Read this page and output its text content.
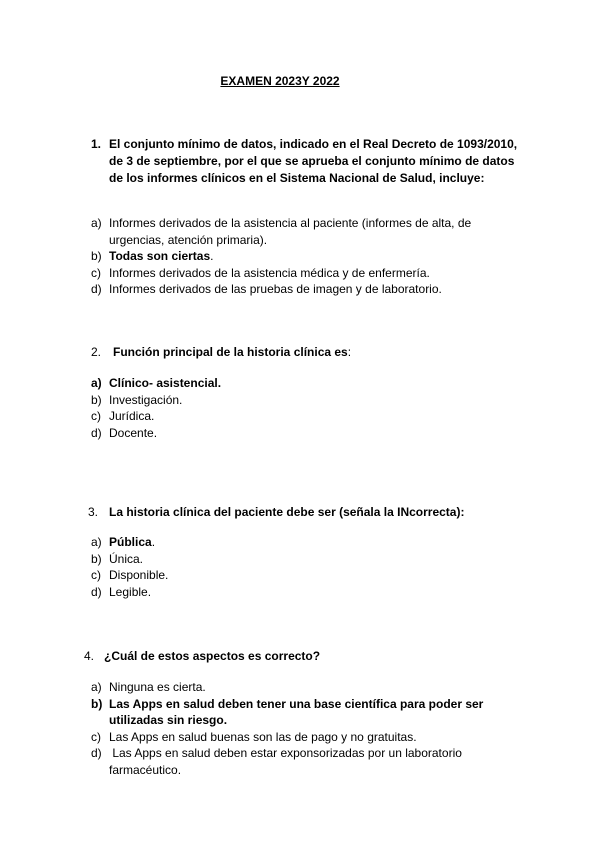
EXAMEN 2023Y 2022
1. El conjunto mínimo de datos, indicado en el Real Decreto de 1093/2010,
de 3 de septiembre, por el que se aprueba el conjunto mínimo de datos
de los informes clínicos en el Sistema Nacional de Salud, incluye:
a) Informes derivados de la asistencia al paciente (informes de alta, de
urgencias, atención primaria).
b) Todas son ciertas.
c) Informes derivados de la asistencia médica y de enfermería.
d) Informes derivados de las pruebas de imagen y de laboratorio.
2. Función principal de la historia clínica es:
a) Clínico- asistencial.
b) Investigación.
c) Jurídica.
d) Docente.
3. La historia clínica del paciente debe ser (señala la INcorrecta):
a) Pública.
b) Única.
c) Disponible.
d) Legible.
4. ¿Cuál de estos aspectos es correcto?
a) Ninguna es cierta.
b) Las Apps en salud deben tener una base científica para poder ser
utilizadas sin riesgo.
c) Las Apps en salud buenas son las de pago y no gratuitas.
d) Las Apps en salud deben estar exponsorizadas por un laboratorio
farmacéutico.
